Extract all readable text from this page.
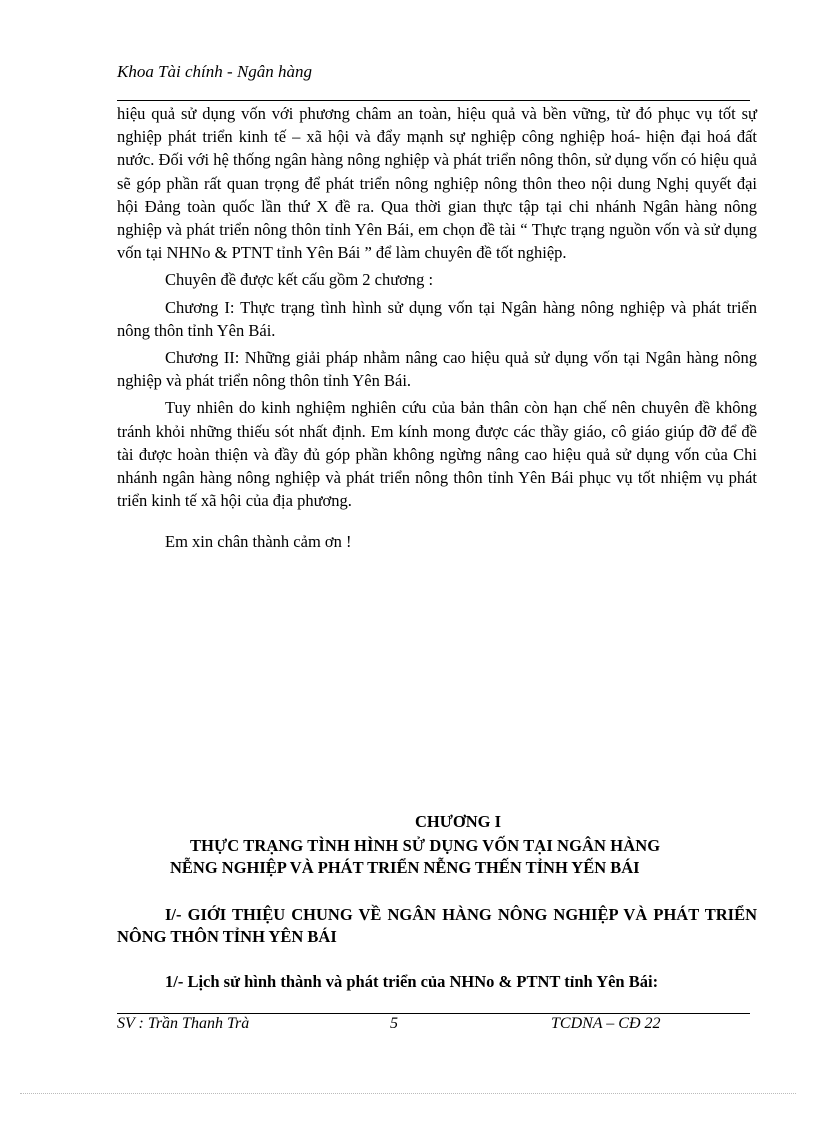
Khoa Tài chính - Ngân hàng

hiệu quả sử dụng vốn với phương châm an toàn, hiệu quả và bền vững, từ đó phục vụ tốt sự nghiệp phát triển kinh tế – xã hội và đẩy mạnh sự nghiệp công nghiệp hoá- hiện đại hoá đất nước. Đối với hệ thống ngân hàng nông nghiệp và phát triển nông thôn, sử dụng vốn có hiệu quả sẽ góp phần rất quan trọng để phát triển nông nghiệp nông thôn theo nội dung Nghị quyết đại hội Đảng toàn quốc lần thứ X đề ra. Qua thời gian thực tập tại chi nhánh Ngân hàng nông nghiệp và phát triển nông thôn tỉnh Yên Bái, em chọn đề tài “ Thực trạng nguồn vốn và sử dụng vốn tại NHNo & PTNT tỉnh Yên Bái ” để làm chuyên đề tốt nghiệp.

Chuyên đề được kết cấu gồm 2 chương :

Chương I: Thực trạng tình hình sử dụng vốn tại Ngân hàng nông nghiệp và phát triển nông thôn tỉnh Yên Bái.

Chương II: Những giải pháp nhằm nâng cao hiệu quả sử dụng vốn tại Ngân hàng nông nghiệp và phát triển nông thôn tỉnh Yên Bái.

Tuy nhiên do kinh nghiệm nghiên cứu của bản thân còn hạn chế nên chuyên đề không tránh khỏi những thiếu sót nhất định. Em kính mong được các thầy giáo, cô giáo giúp đỡ để đề tài được hoàn thiện và đầy đủ góp phần không ngừng nâng cao hiệu quả sử dụng vốn của Chi nhánh ngân hàng nông nghiệp và phát triển nông thôn tỉnh Yên Bái phục vụ tốt nhiệm vụ phát triển kinh tế xã hội của địa phương.

Em xin chân thành cảm ơn !

CHƯƠNG I
THỰC TRẠNG TÌNH HÌNH SỬ DỤNG VỐN TẠI NGÂN HÀNG
NỄNG NGHIỆP VÀ PHÁT TRIỂN NỄNG THẾN TỈNH YẾN BÁI
I/- GIỚI THIỆU CHUNG VỀ NGÂN HÀNG NÔNG NGHIỆP VÀ PHÁT TRIỂN NÔNG THÔN TỈNH YÊN BÁI
1/- Lịch sử hình thành và phát triển của NHNo & PTNT tỉnh Yên Bái:
SV : Trần Thanh Trà	5	TCDNA – CĐ 22
